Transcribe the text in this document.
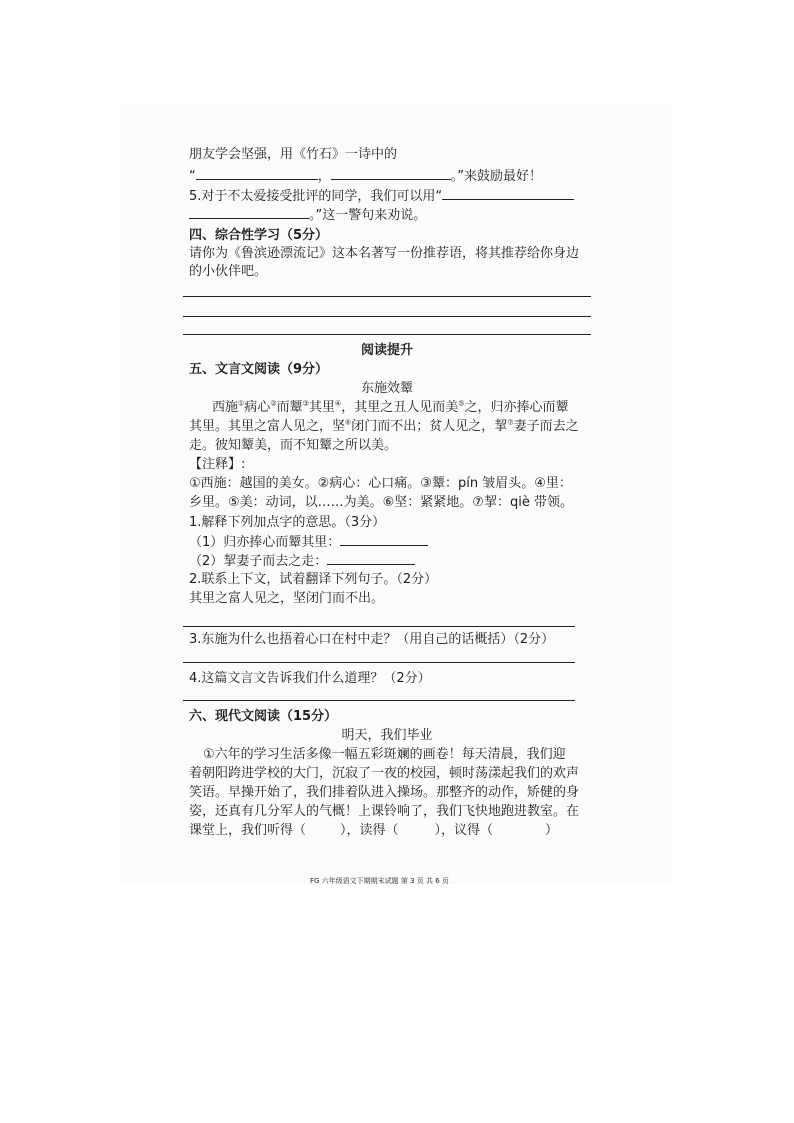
朋友学会坚强，用《竹石》一诗中的
“	，	。”来鼓励最好！
5.对于不太爱接受批评的同学，我们可以用“
。”这一警句来劝说。
四、综合性学习（5分）
请你为《鲁滨逊漂流记》这本名著写一份推荐语，将其推荐给你身边
的小伙伴吧。
阅读提升
五、文言文阅读（9分）
东施效颦
西施①病心②而颦③其里④，其里之丑人见而美⑤之，归亦捧心而颦
其里。其里之富人见之，坚⑥闭门而不出；贫人见之，挈⑦妻子而去之
走。彼知颦美，而不知颦之所以美。
【注释】:
①西施：越国的美女。②病心：心口痛。③颦：pín 皱眉头。④里：
乡里。⑤美：动词，以……为美。⑥坚：紧紧地。⑦挈：qiè 带领。
1.解释下列加点字的意思。（3分）
（1）归亦捧心而颦其里：
（2）挈妻子而去之走：
2.联系上下文，试着翻译下列句子。（2分）
其里之富人见之，坚闭门而不出。
3.东施为什么也捂着心口在村中走？（用自己的话概括）（2分）
4.这篇文言文告诉我们什么道理？（2分）
六、现代文阅读（15分）
明天，我们毕业
①六年的学习生活多像一幅五彩斑斓的画卷！每天清晨，我们迎
着朝阳跨进学校的大门，沉寂了一夜的校园，顿时荡漾起我们的欢声
笑语。早操开始了，我们排着队进入操场。那整齐的动作，矫健的身
姿，还真有几分军人的气概！上课铃响了，我们飞快地跑进教室。在
课堂上，我们听得（	），读得（	），议得（	）
FG 六年级语文下期期末试题 第 3 页 共 6 页
